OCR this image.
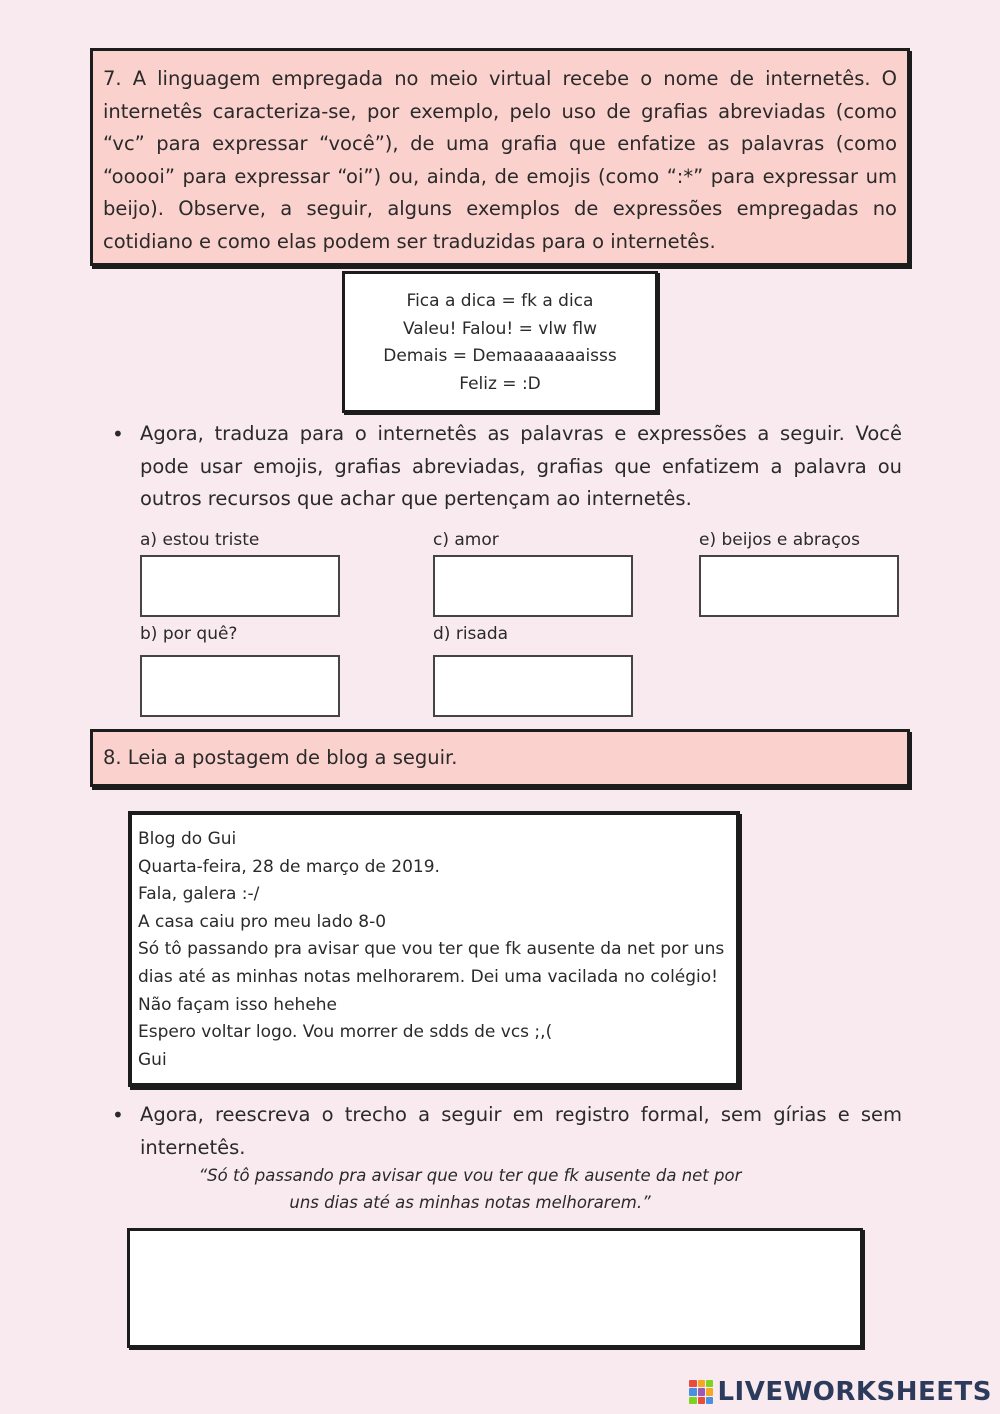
7. A linguagem empregada no meio virtual recebe o nome de internetês. O internetês caracteriza-se, por exemplo, pelo uso de grafias abreviadas (como “vc” para expressar “você”), de uma grafia que enfatize as palavras (como “ooooi” para expressar “oi”) ou, ainda, de emojis (como “:*” para expressar um beijo). Observe, a seguir, alguns exemplos de expressões empregadas no cotidiano e como elas podem ser traduzidas para o internetês.
Fica a dica = fk a dica
Valeu! Falou! = vlw flw
Demais = Demaaaaaaaisss
Feliz = :D
• Agora, traduza para o internetês as palavras e expressões a seguir. Você pode usar emojis, grafias abreviadas, grafias que enfatizem a palavra ou outros recursos que achar que pertençam ao internetês.
a) estou triste	c) amor	e) beijos e abraços
b) por quê?	d) risada
8. Leia a postagem de blog a seguir.
Blog do Gui
Quarta-feira, 28 de março de 2019.
Fala, galera :-/
A casa caiu pro meu lado 8-0
Só tô passando pra avisar que vou ter que fk ausente da net por uns
dias até as minhas notas melhorarem. Dei uma vacilada no colégio!
Não façam isso hehehe
Espero voltar logo. Vou morrer de sdds de vcs ;,(
Gui
• Agora, reescreva o trecho a seguir em registro formal, sem gírias e sem internetês.
“Só tô passando pra avisar que vou ter que fk ausente da net por
uns dias até as minhas notas melhorarem.”
LIVEWORKSHEETS
